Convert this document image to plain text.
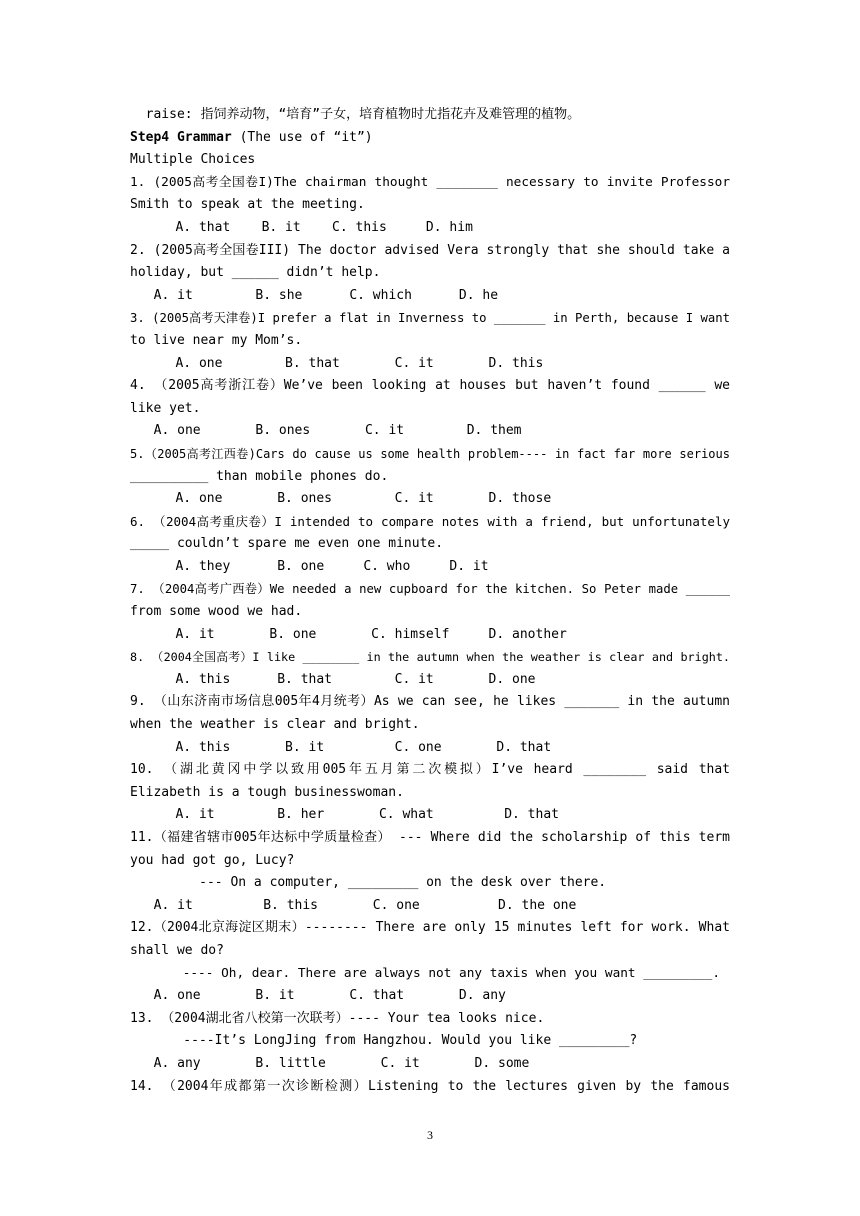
raise: 指饲养动物，“培育”子女，培育植物时尤指花卉及难管理的植物。
Step4 Grammar (The use of “it”)
Multiple Choices
1. (2005高考全国卷I)The chairman thought ________ necessary to invite Professor
Smith to speak at the meeting.
A. that    B. it    C. this     D. him
2. (2005高考全国卷III) The doctor advised Vera strongly that she should take a
holiday, but ______ didn’t help.
A. it        B. she      C. which      D. he
3. (2005高考天津卷)I prefer a flat in Inverness to _______ in Perth, because I want
to live near my Mom’s.
A. one        B. that       C. it       D. this
4. （2005高考浙江卷）We’ve been looking at houses but haven’t found ______ we
like yet.
A. one       B. ones       C. it        D. them
5.（2005高考江西卷)Cars do cause us some health problem---- in fact far more serious
__________ than mobile phones do.
A. one       B. ones        C. it       D. those
6. （2004高考重庆卷）I intended to compare notes with a friend, but unfortunately
_____ couldn’t spare me even one minute.
A. they      B. one     C. who     D. it
7. （2004高考广西卷）We needed a new cupboard for the kitchen. So Peter made ______
from some wood we had.
A. it       B. one       C. himself     D. another
8. （2004全国高考）I like ________ in the autumn when the weather is clear and bright.
A. this      B. that        C. it       D. one
9. （山东济南市场信息005年4月统考）As we can see, he likes _______ in the autumn
when the weather is clear and bright.
A. this       B. it         C. one       D. that
10. （湖北黄冈中学以致用005年五月第二次模拟）I’ve heard ________ said that
Elizabeth is a tough businesswoman.
A. it        B. her       C. what         D. that
11.（福建省辖市005年达标中学质量检查） --- Where did the scholarship of this term
you had got go, Lucy?
--- On a computer, _________ on the desk over there.
A. it         B. this       C. one          D. the one
12.（2004北京海淀区期末）-------- There are only 15 minutes left for work. What
shall we do?
---- Oh, dear. There are always not any taxis when you want _________.
A. one       B. it       C. that       D. any
13. （2004湖北省八校第一次联考）---- Your tea looks nice.
----It’s LongJing from Hangzhou. Would you like _________?
A. any       B. little       C. it       D. some
14. （2004年成都第一次诊断检测）Listening to the lectures given by the famous
3
